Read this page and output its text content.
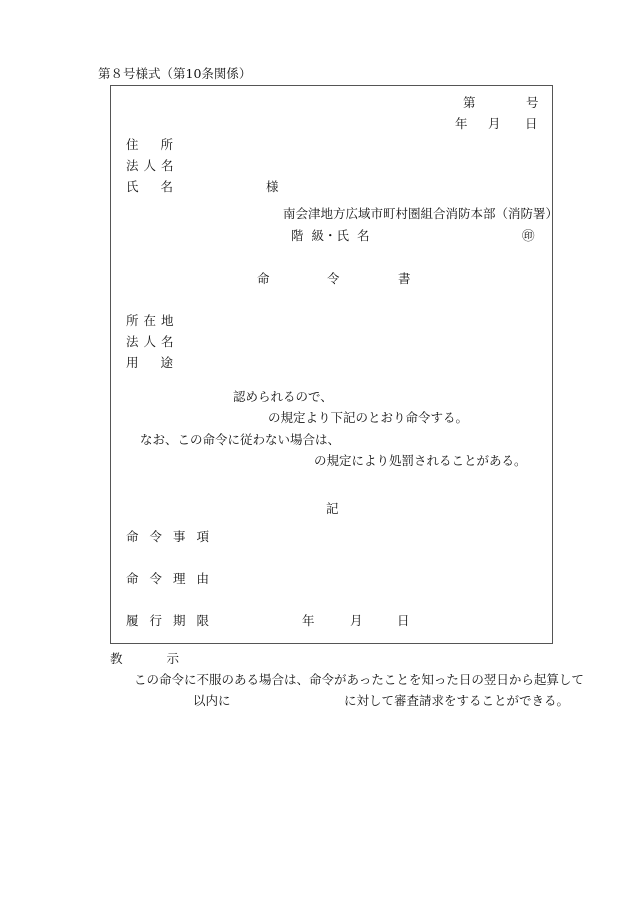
第８号様式（第10条関係）
第	号
年 月 日
住 所
法 人 名
氏 名	様
南会津地方広域市町村圏組合消防本部（消防署）
階 級・氏 名	㊞
命	令	書
所 在 地
法 人 名
用 途
認められるので、
の規定より下記のとおり命令する。
なお、この命令に従わない場合は、
の規定により処罰されることがある。
記
命 令 事 項
命 令 理 由
履 行 期 限	年	月	日
教	示
この命令に不服のある場合は、命令があったことを知った日の翌日から起算して
以内に	に対して審査請求をすることができる。
